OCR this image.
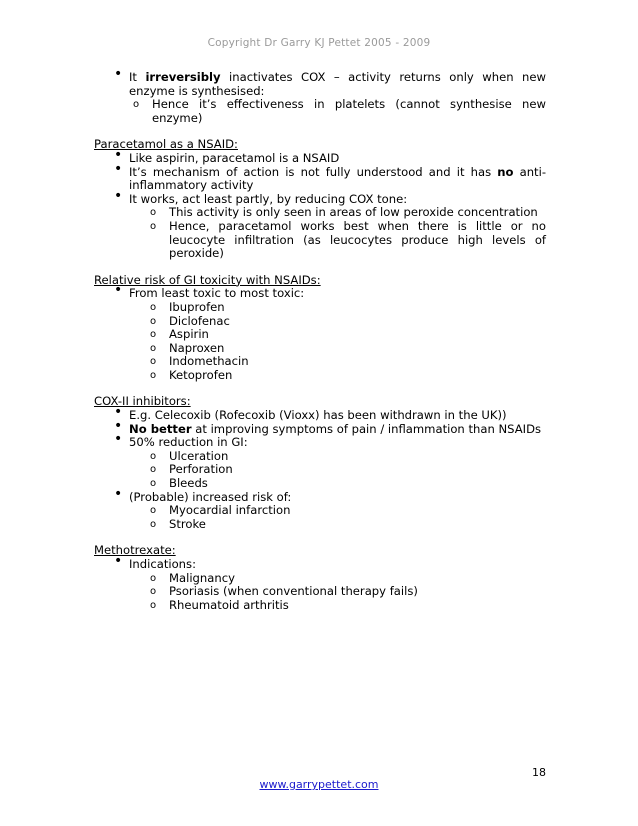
Copyright Dr Garry KJ Pettet 2005 - 2009
• It irreversibly inactivates COX – activity returns only when new enzyme is synthesised:
o Hence it’s effectiveness in platelets (cannot synthesise new enzyme)
Paracetamol as a NSAID:
• Like aspirin, paracetamol is a NSAID
• It’s mechanism of action is not fully understood and it has no anti-inflammatory activity
• It works, act least partly, by reducing COX tone:
o This activity is only seen in areas of low peroxide concentration
o Hence, paracetamol works best when there is little or no leucocyte infiltration (as leucocytes produce high levels of peroxide)
Relative risk of GI toxicity with NSAIDs:
• From least toxic to most toxic:
o Ibuprofen
o Diclofenac
o Aspirin
o Naproxen
o Indomethacin
o Ketoprofen
COX-II inhibitors:
• E.g. Celecoxib (Rofecoxib (Vioxx) has been withdrawn in the UK))
• No better at improving symptoms of pain / inflammation than NSAIDs
• 50% reduction in GI:
o Ulceration
o Perforation
o Bleeds
• (Probable) increased risk of:
o Myocardial infarction
o Stroke
Methotrexate:
• Indications:
o Malignancy
o Psoriasis (when conventional therapy fails)
o Rheumatoid arthritis
18
www.garrypettet.com
